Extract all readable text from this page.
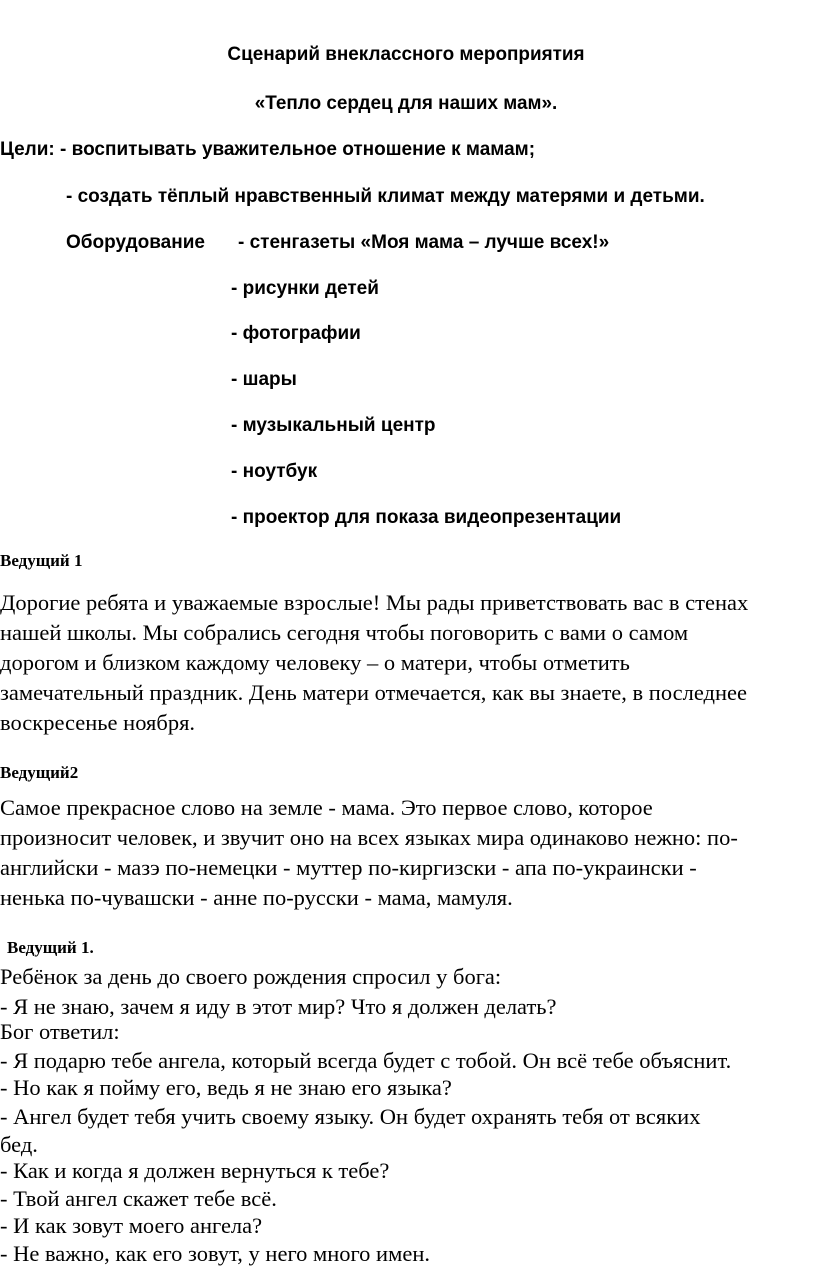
Сценарий внеклассного мероприятия
«Тепло сердец для наших мам».
Цели: - воспитывать уважительное отношение к мамам;
- создать тёплый нравственный климат между матерями и детьми.
Оборудование - стенгазеты «Моя мама – лучше всех!»
- рисунки детей
- фотографии
- шары
- музыкальный центр
- ноутбук
- проектор для показа видеопрезентации
Ведущий 1
Дорогие ребята и уважаемые взрослые! Мы рады приветствовать вас в стенах
нашей школы. Мы собрались сегодня чтобы поговорить с вами о самом
дорогом и близком каждому человеку – о матери, чтобы отметить
замечательный праздник. День матери отмечается, как вы знаете, в последнее
воскресенье ноября.
Ведущий2
Самое прекрасное слово на земле - мама. Это первое слово, которое
произносит человек, и звучит оно на всех языках мира одинаково нежно: по-
английски - мазэ по-немецки - муттер по-киргизски - апа по-украински -
ненька по-чувашски - анне по-русски - мама, мамуля.
Ведущий 1.
Ребёнок за день до своего рождения спросил у бога:
- Я не знаю, зачем я иду в этот мир? Что я должен делать?
Бог ответил:
- Я подарю тебе ангела, который всегда будет с тобой. Он всё тебе объяснит.
- Но как я пойму его, ведь я не знаю его языка?
- Ангел будет тебя учить своему языку. Он будет охранять тебя от всяких
бед.
- Как и когда я должен вернуться к тебе?
- Твой ангел скажет тебе всё.
- И как зовут моего ангела?
- Не важно, как его зовут, у него много имен.
